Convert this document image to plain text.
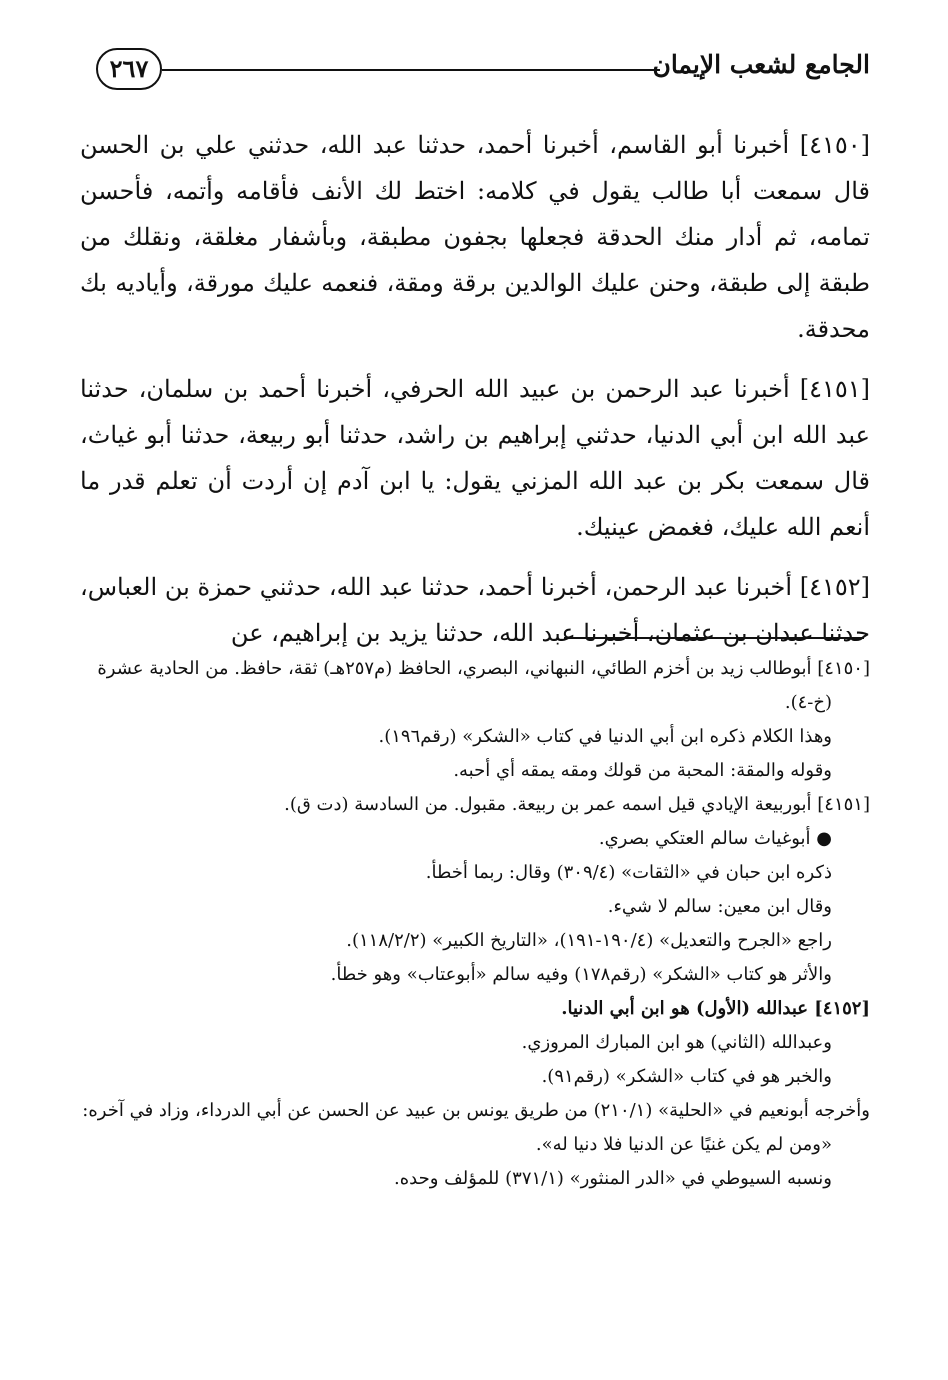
٢٦٧	الجامع لشعب الإيمان

[٤١٥٠] أخبرنا أبو القاسم، أخبرنا أحمد، حدثنا عبد الله، حدثني علي بن الحسن قال سمعت أبا طالب يقول في كلامه: اختط لك الأنف فأقامه وأتمه، فأحسن تمامه، ثم أدار منك الحدقة فجعلها بجفون مطبقة، وبأشفار مغلقة، ونقلك من طبقة إلى طبقة، وحنن عليك الوالدين برقة ومقة، فنعمه عليك مورقة، وأياديه بك محدقة.

[٤١٥١] أخبرنا عبد الرحمن بن عبيد الله الحرفي، أخبرنا أحمد بن سلمان، حدثنا عبد الله ابن أبي الدنيا، حدثني إبراهيم بن راشد، حدثنا أبو ربيعة، حدثنا أبو غياث، قال سمعت بكر بن عبد الله المزني يقول: يا ابن آدم إن أردت أن تعلم قدر ما أنعم الله عليك، فغمض عينيك.

[٤١٥٢] أخبرنا عبد الرحمن، أخبرنا أحمد، حدثنا عبد الله، حدثني حمزة بن العباس، حدثنا عبدان بن عثمان، أخبرنا عبد الله، حدثنا يزيد بن إبراهيم، عن

[٤١٥٠] أبوطالب زيد بن أخزم الطائي، النبهاني، البصري، الحافظ (م٢٥٧هـ) ثقة، حافظ. من الحادية عشرة (خ-٤).

وهذا الكلام ذكره ابن أبي الدنيا في كتاب «الشكر» (رقم١٩٦).

وقوله والمقة: المحبة من قولك ومقه يمقه أي أحبه.

[٤١٥١] أبوربيعة الإيادي قيل اسمه عمر بن ربيعة. مقبول. من السادسة (دت ق).

● أبوغياث سالم العتكي بصري.

ذكره ابن حبان في «الثقات» (٣٠٩/٤) وقال: ربما أخطأ.

وقال ابن معين: سالم لا شيء.

راجع «الجرح والتعديل» (١٩٠/٤-١٩١)، «التاريخ الكبير» (١١٨/٢/٢).

والأثر هو كتاب «الشكر» (رقم١٧٨) وفيه سالم «أبوعتاب» وهو خطأ.

[٤١٥٢] عبدالله (الأول) هو ابن أبي الدنيا.

وعبدالله (الثاني) هو ابن المبارك المروزي.

والخبر هو في كتاب «الشكر» (رقم٩١).

وأخرجه أبونعيم في «الحلية» (٢١٠/١) من طريق يونس بن عبيد عن الحسن عن أبي الدرداء، وزاد في آخره: «ومن لم يكن غنيًا عن الدنيا فلا دنيا له».

ونسبه السيوطي في «الدر المنثور» (٣٧١/١) للمؤلف وحده.
